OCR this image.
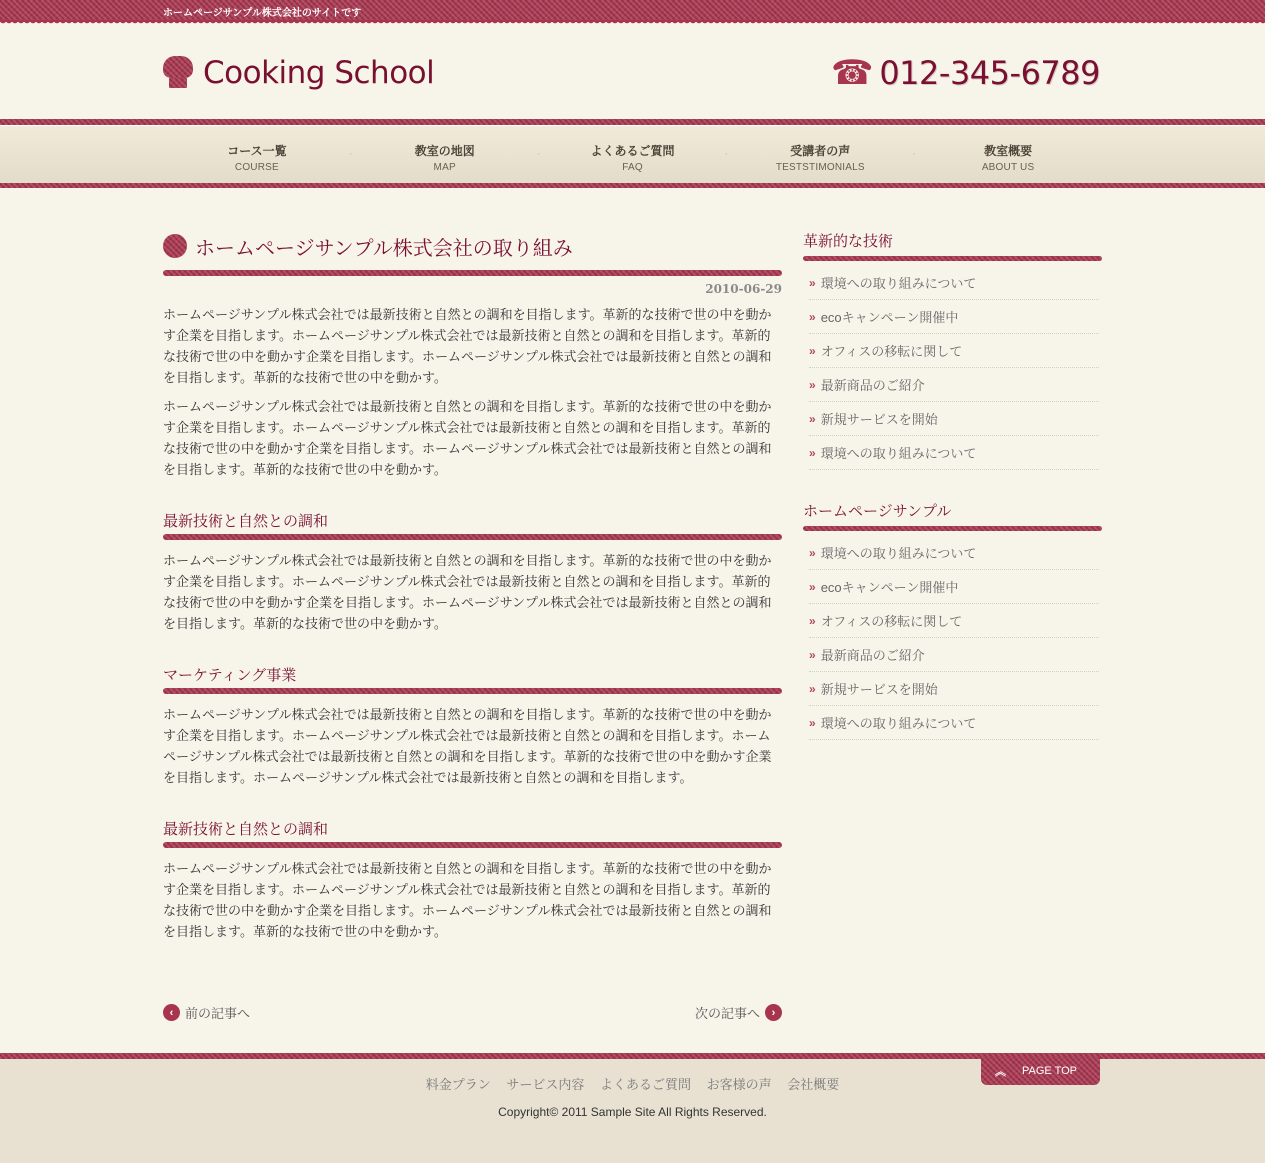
ホームページサンプル株式会社のサイトです
Cooking School	☎ 012-345-6789
コース一覧
COURSE
· 教室の地図
MAP
· よくあるご質問
FAQ
· 受講者の声
TESTSTIMONIALS
· 教室概要
ABOUT US
ホームページサンプル株式会社の取り組み
2010-06-29

ホームページサンプル株式会社では最新技術と自然との調和を目指します。革新的な技術で世の中を動かす企業を目指します。ホームページサンプル株式会社では最新技術と自然との調和を目指します。革新的な技術で世の中を動かす企業を目指します。ホームページサンプル株式会社では最新技術と自然との調和を目指します。革新的な技術で世の中を動かす。

ホームページサンプル株式会社では最新技術と自然との調和を目指します。革新的な技術で世の中を動かす企業を目指します。ホームページサンプル株式会社では最新技術と自然との調和を目指します。革新的な技術で世の中を動かす企業を目指します。ホームページサンプル株式会社では最新技術と自然との調和を目指します。革新的な技術で世の中を動かす。

最新技術と自然との調和

ホームページサンプル株式会社では最新技術と自然との調和を目指します。革新的な技術で世の中を動かす企業を目指します。ホームページサンプル株式会社では最新技術と自然との調和を目指します。革新的な技術で世の中を動かす企業を目指します。ホームページサンプル株式会社では最新技術と自然との調和を目指します。革新的な技術で世の中を動かす。

マーケティング事業

ホームページサンプル株式会社では最新技術と自然との調和を目指します。革新的な技術で世の中を動かす企業を目指します。ホームページサンプル株式会社では最新技術と自然との調和を目指します。ホームページサンプル株式会社では最新技術と自然との調和を目指します。革新的な技術で世の中を動かす企業を目指します。ホームページサンプル株式会社では最新技術と自然との調和を目指します。

最新技術と自然との調和

ホームページサンプル株式会社では最新技術と自然との調和を目指します。革新的な技術で世の中を動かす企業を目指します。ホームページサンプル株式会社では最新技術と自然との調和を目指します。革新的な技術で世の中を動かす企業を目指します。ホームページサンプル株式会社では最新技術と自然との調和を目指します。革新的な技術で世の中を動かす。

‹ 前の記事へ	次の記事へ	›
革新的な技術
» 環境への取り組みについて
» ecoキャンペーン開催中
» オフィスの移転に関して
» 最新商品のご紹介
» 新規サービスを開始
» 環境への取り組みについて
ホームページサンプル
» 環境への取り組みについて
» ecoキャンペーン開催中
» オフィスの移転に関して
» 最新商品のご紹介
» 新規サービスを開始
» 環境への取り組みについて
料金プラン サービス内容 よくあるご質問 お客様の声 会社概要
Copyright© 2011 Sample Site All Rights Reserved.
︽ PAGE TOP
